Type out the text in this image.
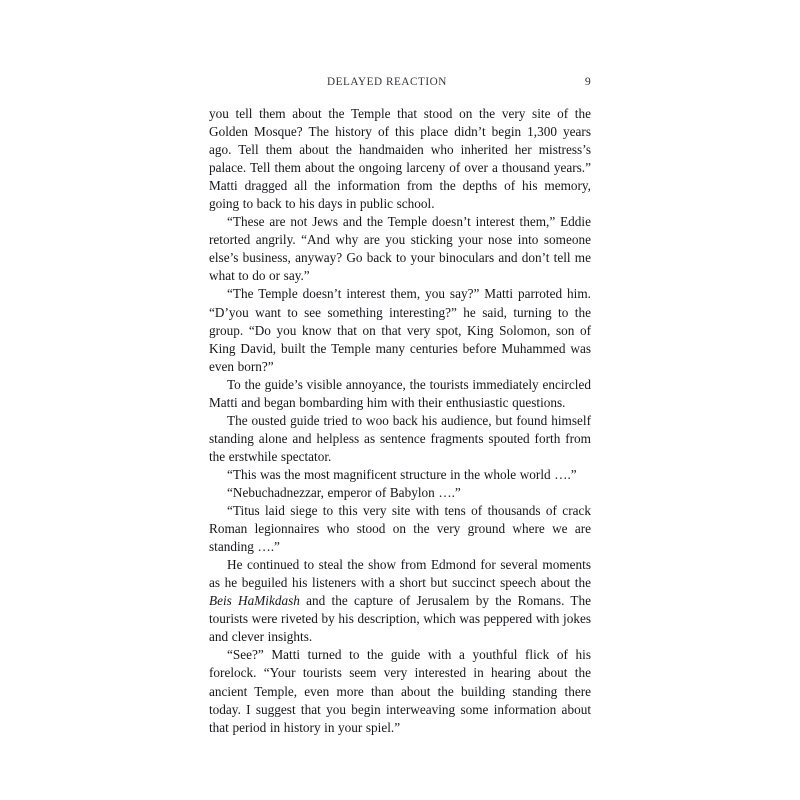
DELAYED REACTION	9

you tell them about the Temple that stood on the very site of the Golden Mosque? The history of this place didn’t begin 1,300 years ago. Tell them about the handmaiden who inherited her mistress’s palace. Tell them about the ongoing larceny of over a thousand years.” Matti dragged all the information from the depths of his memory, going to back to his days in public school.

“These are not Jews and the Temple doesn’t interest them,” Eddie retorted angrily. “And why are you sticking your nose into someone else’s business, anyway? Go back to your binoculars and don’t tell me what to do or say.”

“The Temple doesn’t interest them, you say?” Matti parroted him. “D’you want to see something interesting?” he said, turning to the group. “Do you know that on that very spot, King Solomon, son of King David, built the Temple many centuries before Muhammed was even born?”

To the guide’s visible annoyance, the tourists immediately encircled Matti and began bombarding him with their enthusiastic questions.

The ousted guide tried to woo back his audience, but found himself standing alone and helpless as sentence fragments spouted forth from the erstwhile spectator.

“This was the most magnificent structure in the whole world ….”

“Nebuchadnezzar, emperor of Babylon ….”

“Titus laid siege to this very site with tens of thousands of crack Roman legionnaires who stood on the very ground where we are standing ….”

He continued to steal the show from Edmond for several moments as he beguiled his listeners with a short but succinct speech about the Beis HaMikdash and the capture of Jerusalem by the Romans. The tourists were riveted by his description, which was peppered with jokes and clever insights.

“See?” Matti turned to the guide with a youthful flick of his forelock. “Your tourists seem very interested in hearing about the ancient Temple, even more than about the building standing there today. I suggest that you begin interweaving some information about that period in history in your spiel.”
